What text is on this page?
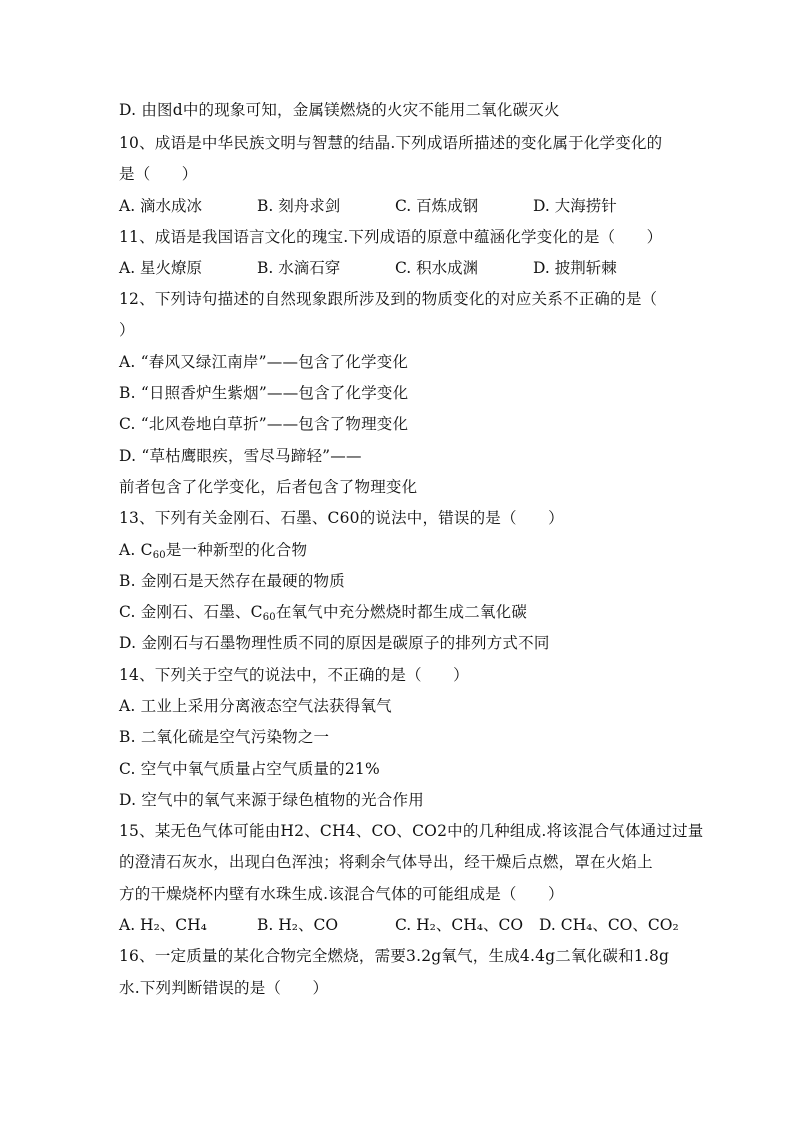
D. 由图d中的现象可知，金属镁燃烧的火灾不能用二氧化碳灭火
10、成语是中华民族文明与智慧的结晶.下列成语所描述的变化属于化学变化的
是（　　）
A. 滴水成冰	B. 刻舟求剑	C. 百炼成钢	D. 大海捞针
11、成语是我国语言文化的瑰宝.下列成语的原意中蕴涵化学变化的是（　　）
A. 星火燎原	B. 水滴石穿	C. 积水成渊	D. 披荆斩棘
12、下列诗句描述的自然现象跟所涉及到的物质变化的对应关系不正确的是（
）
A. “春风又绿江南岸”——包含了化学变化
B. “日照香炉生紫烟”——包含了化学变化
C. “北风卷地白草折”——包含了物理变化
D. “草枯鹰眼疾，雪尽马蹄轻”——
前者包含了化学变化，后者包含了物理变化
13、下列有关金刚石、石墨、C60的说法中，错误的是（　　）
A. $C_{60}$是一种新型的化合物
B. 金刚石是天然存在最硬的物质
C. 金刚石、石墨、$C_{60}$在氧气中充分燃烧时都生成二氧化碳
D. 金刚石与石墨物理性质不同的原因是碳原子的排列方式不同
14、下列关于空气的说法中，不正确的是（　　）
A. 工业上采用分离液态空气法获得氧气
B. 二氧化硫是空气污染物之一
C. 空气中氧气质量占空气质量的21%
D. 空气中的氧气来源于绿色植物的光合作用
15、某无色气体可能由H2、CH4、CO、CO2中的几种组成.将该混合气体通过过量
的澄清石灰水，出现白色浑浊；将剩余气体导出，经干燥后点燃，罩在火焰上
方的干燥烧杯内壁有水珠生成.该混合气体的可能组成是（　　）
A. H₂、CH₄	B. H₂、CO	C. H₂、CH₄、CO D. CH₄、CO、CO₂
16、一定质量的某化合物完全燃烧，需要3.2g氧气，生成4.4g二氧化碳和1.8g
水.下列判断错误的是（　　）
